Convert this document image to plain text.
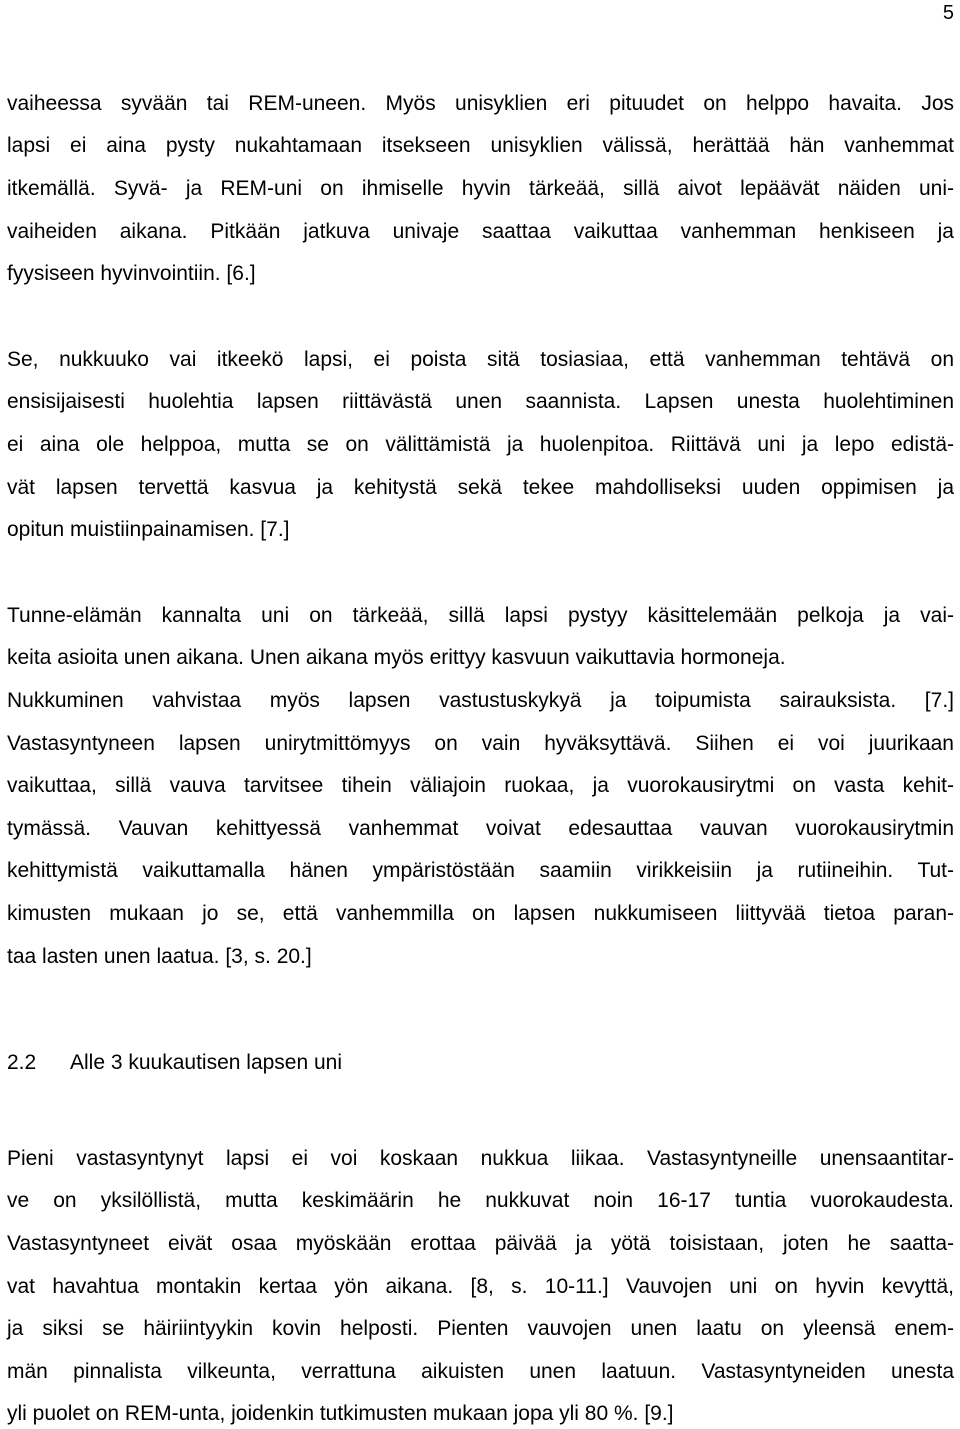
5
vaiheessa syvään tai REM-uneen. Myös unisyklien eri pituudet on helppo havaita. Jos
lapsi ei aina pysty nukahtamaan itsekseen unisyklien välissä, herättää hän vanhemmat
itkemällä. Syvä- ja REM-uni on ihmiselle hyvin tärkeää, sillä aivot lepäävät näiden uni-
vaiheiden aikana. Pitkään jatkuva univaje saattaa vaikuttaa vanhemman henkiseen ja
fyysiseen hyvinvointiin. [6.]
Se, nukkuuko vai itkeekö lapsi, ei poista sitä tosiasiaa, että vanhemman tehtävä on
ensisijaisesti huolehtia lapsen riittävästä unen saannista. Lapsen unesta huolehtiminen
ei aina ole helppoa, mutta se on välittämistä ja huolenpitoa. Riittävä uni ja lepo edistä-
vät lapsen tervettä kasvua ja kehitystä sekä tekee mahdolliseksi uuden oppimisen ja
opitun muistiinpainamisen. [7.]
Tunne-elämän kannalta uni on tärkeää, sillä lapsi pystyy käsittelemään pelkoja ja vai-
keita asioita unen aikana. Unen aikana myös erittyy kasvuun vaikuttavia hormoneja.
Nukkuminen vahvistaa myös lapsen vastustuskykyä ja toipumista sairauksista. [7.]
Vastasyntyneen lapsen unirytmittömyys on vain hyväksyttävä. Siihen ei voi juurikaan
vaikuttaa, sillä vauva tarvitsee tihein väliajoin ruokaa, ja vuorokausirytmi on vasta kehit-
tymässä. Vauvan kehittyessä vanhemmat voivat edesauttaa vauvan vuorokausirytmin
kehittymistä vaikuttamalla hänen ympäristöstään saamiin virikkeisiin ja rutiineihin. Tut-
kimusten mukaan jo se, että vanhemmilla on lapsen nukkumiseen liittyvää tietoa paran-
taa lasten unen laatua. [3, s. 20.]
2.2 Alle 3 kuukautisen lapsen uni
Pieni vastasyntynyt lapsi ei voi koskaan nukkua liikaa. Vastasyntyneille unensaantitar-
ve on yksilöllistä, mutta keskimäärin he nukkuvat noin 16-17 tuntia vuorokaudesta.
Vastasyntyneet eivät osaa myöskään erottaa päivää ja yötä toisistaan, joten he saatta-
vat havahtua montakin kertaa yön aikana. [8, s. 10-11.] Vauvojen uni on hyvin kevyttä,
ja siksi se häiriintyykin kovin helposti. Pienten vauvojen unen laatu on yleensä enem-
män pinnalista vilkeunta, verrattuna aikuisten unen laatuun. Vastasyntyneiden unesta
yli puolet on REM-unta, joidenkin tutkimusten mukaan jopa yli 80 %. [9.]
